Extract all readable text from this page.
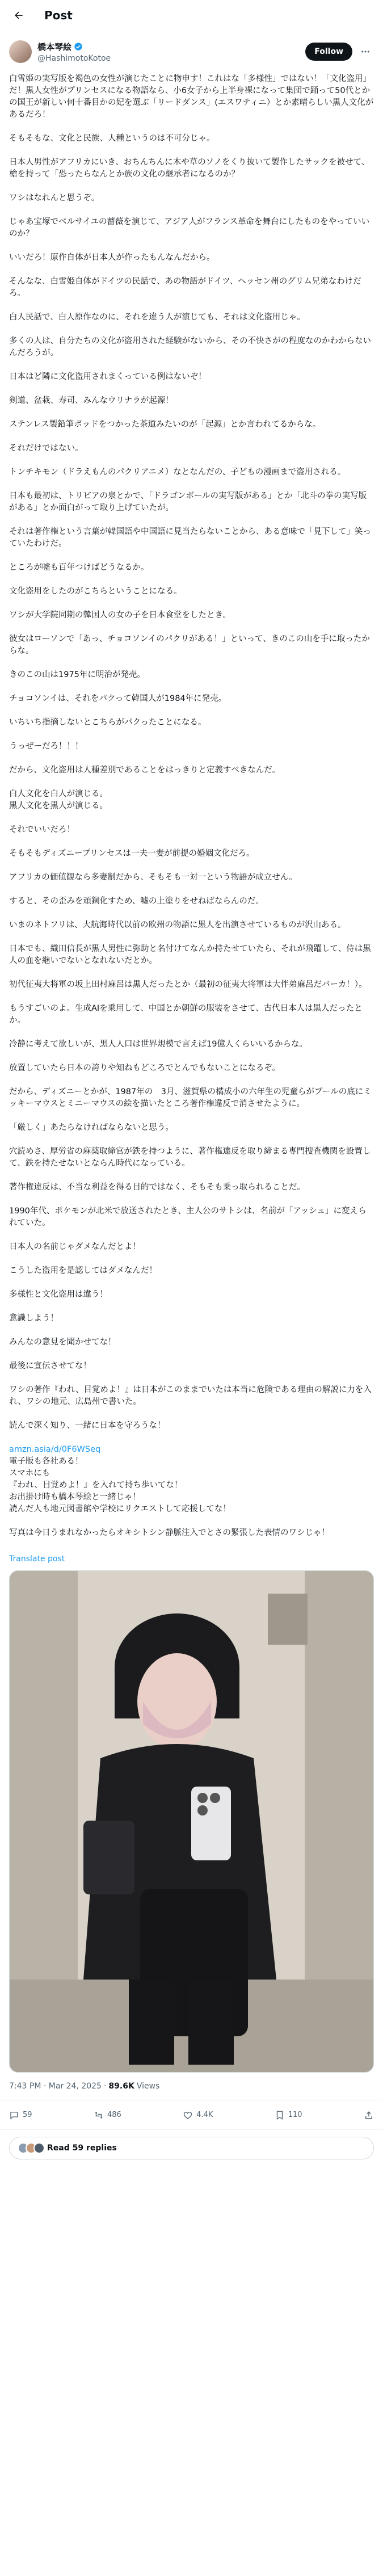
Post
橋本琴絵
@HashimotoKotoe
Follow
白雪姫の実写版を褐色の女性が演じたことに物申す！これはな「多様性」ではない！「文化盗用」だ！黒人女性がプリンセスになる物語なら、小6女子から上半身裸になって集団で踊って50代とかの国王が新しい何十番目かの妃を選ぶ「リードダンス」(エスワティニ）とか素晴らしい黒人文化があるだろ！
そもそもな、文化と民族、人種というのは不可分じゃ。
日本人男性がアフリカにいき、おちんちんに木や草のソノをくり抜いて製作したサックを被せて、槍を持って「恐ったらなんとか族の文化の継承者になるのか？
ワシはなれんと思うぞ。
じゃあ宝塚でベルサイユの薔薇を演じて、アジア人がフランス革命を舞台にしたものをやっていいのか？
いいだろ！原作自体が日本人が作ったもんなんだから。
そんなな、白雪姫自体がドイツの民話で、あの物語がドイツ、ヘッセン州のグリム兄弟なわけだろ。
白人民話で、白人原作なのに、それを違う人が演じても、それは文化盗用じゃ。
多くの人は、自分たちの文化が盗用された経験がないから、その不快さがの程度なのかわからないんだろうが。
日本はど隣に文化盗用されまくっている例はないぞ！
剣道、盆栽、寿司、みんなウリナラが起源！
ステンレス製鉛筆ポッドをつかった茶道みたいのが「起源」とか言われてるからな。
それだけではない。
トンチキモン（ドラえもんのパクリアニメ）なとなんだの、子どもの漫画まで盗用される。
日本も最初は、トリビアの泉とかで、「ドラゴンボールの実写版がある」とか「北斗の拳の実写版がある」とか面白がって取り上げていたが。
それは著作権という言葉が韓国語や中国語に見当たらないことから、ある意味で「見下して」笑っていたわけだ。
ところが嘘も百年つけばどうなるか。
文化盗用をしたのがこちらということになる。
ワシが大学院同期の韓国人の女の子を日本食堂をしたとき。
彼女はローソンで「あっ、チョコソンイのパクリがある！」といって、きのこの山を手に取ったからな。
きのこの山は1975年に明治が発売。
チョコソンイは、それをパクって韓国人が1984年に発売。
いちいち指摘しないとこちらがパクったことになる。
うっぜーだろ！！！
だから、文化盗用は人種差別であることをはっきりと定義すべきなんだ。
白人文化を白人が演じる。
黒人文化を黒人が演じる。
それでいいだろ！
そもそもディズニープリンセスは一夫一妻が前提の婚姻文化だろ。
アフリカの価値観なら多妻制だから、そもそも一対一という物語が成立せん。
すると、その歪みを頑鋼化すため、嘘の上塗りをせねばならんのだ。
いまのネトフリは、大航海時代以前の欧州の物語に黒人を出演させているものが沢山ある。
日本でも、織田信長が黒人男性に弥助と名付けてなんか持たせていたら、それが飛躍して、侍は黒人の血を継いでないとなれないだとか。
初代征夷大将軍の坂上田村麻呂は黒人だったとか（最初の征夷大将軍は大伴弟麻呂だバーカ！）。
もうすごいのよ。生成AIを乗用して、中国とか朝鮮の服装をさせて、古代日本人は黒人だったとか。
冷静に考えて欲しいが、黒人人口は世界規模で言えば19億人くらいいるからな。
放置していたら日本の誇りや知ねもどころでとんでもないことになるぞ。
だから、ディズニーとかが、1987年の　3月、滋賀県の構成小の六年生の児童らがプールの底にミッキーマウスとミニーマウスの絵を描いたところ著作権違反で消させたように。
「厳しく」あたらなければならないと思う。
穴読めさ、厚労省の麻薬取締官が鉄を持つように、著作権違反を取り締まる専門捜査機関を設置して、鉄を持たせないとならん時代になっている。
著作権違反は、不当な利益を得る目的ではなく、そもそも乗っ取られることだ。
1990年代、ポケモンが北米で放送されたとき、主人公のサトシは、名前が「アッシュ」に変えられていた。
日本人の名前じゃダメなんだとよ！
こうした盗用を是認してはダメなんだ！
多様性と文化盗用は違う！
意識しよう！
みんなの意見を聞かせてな！
最後に宣伝させてな！
ワシの著作『われ、目覚めよ！』は日本がこのままでいたは本当に危険である理由の解説に力を入れ、ワシの地元、広島州で書いた。
読んで深く知り、一緒に日本を守ろうな！
amzn.asia/d/0F6WSeq
電子版も各社ある！
スマホにも
『われ、目覚めよ！』を入れて持ち歩いてな！
お出掛け時も橋本琴絵と一緒じゃ！
読んだ人も地元図書館や学校にリクエストして応援してな！
写真は今日うまれなかったらオキシトシン静脈注入でとさの緊張した表情のワシじゃ！
Translate post
7:43 PM · Mar 24, 2025 · 89.6K Views
59	486	4.4K	110
Read 59 replies
